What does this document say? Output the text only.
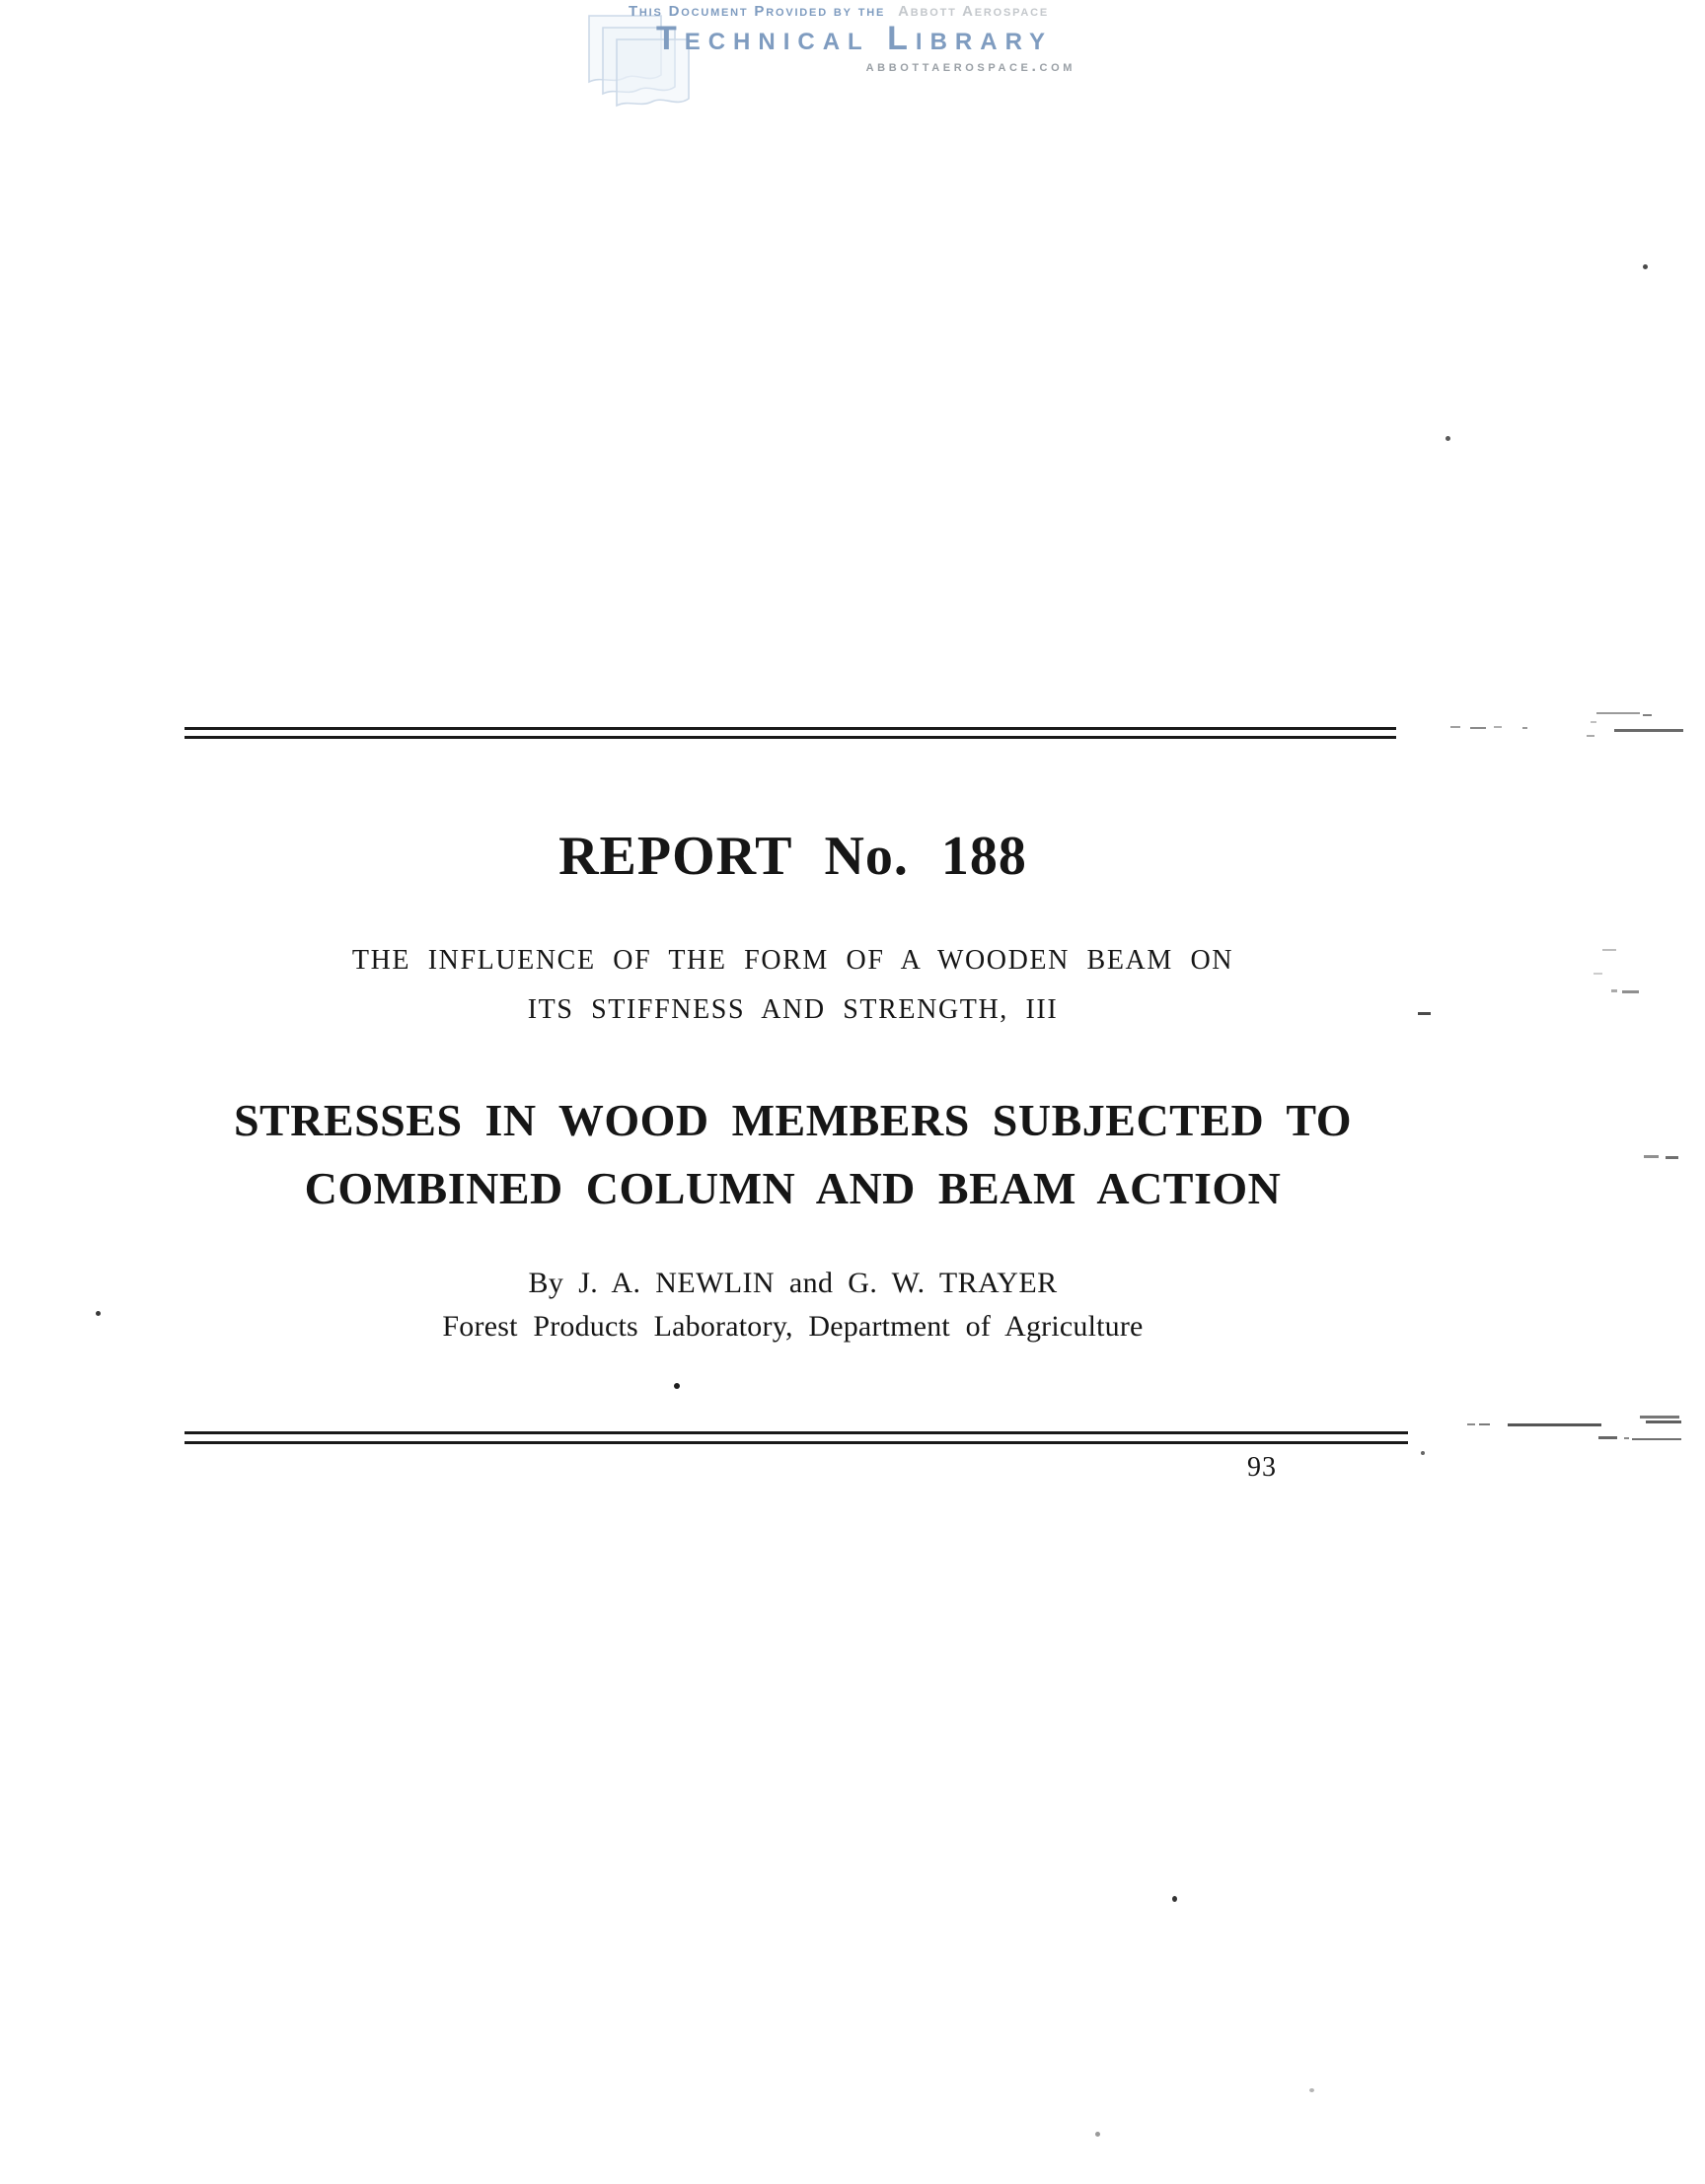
This Document Provided by the Abbott Aerospace
Technical Library
abbottaerospace.com
REPORT No. 188
THE INFLUENCE OF THE FORM OF A WOODEN BEAM ON
ITS STIFFNESS AND STRENGTH, III
STRESSES IN WOOD MEMBERS SUBJECTED TO
COMBINED COLUMN AND BEAM ACTION
By J. A. NEWLIN and G. W. TRAYER
Forest Products Laboratory, Department of Agriculture
93
